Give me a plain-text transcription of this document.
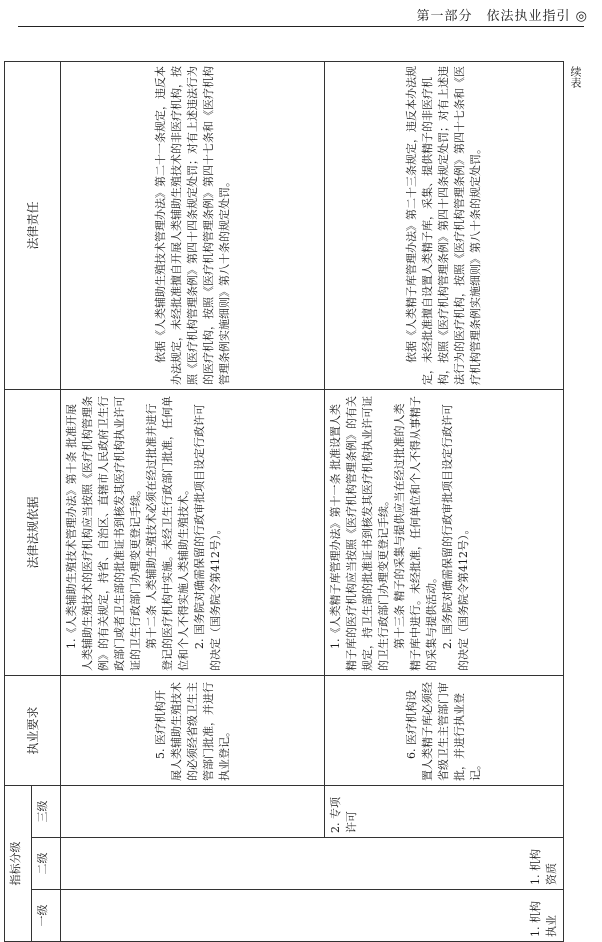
第一部分　依法执业指引 ◎
续表
指标分级			执业要求	法律法规依据	法律责任
一级	二级	三级			
1. 机构执业	1. 机构资质		5. 医疗机构开展人类辅助生殖技术的必须经省级卫生主管部门批准，并进行执业登记。	1.《人类辅助生殖技术管理办法》第十条 批准开展人类辅助生殖技术的医疗机构应当按照《医疗机构管理条例》的有关规定，持省、自治区、直辖市人民政府卫生行政部门或者卫生部的批准证书到核发其医疗机构执业许可证的卫生行政部门办理变更登记手续。 第十二条 人类辅助生殖技术必须在经过批准并进行登记的医疗机构中实施。未经卫生行政部门批准，任何单位和个人不得实施人类辅助生殖技术。 2. 国务院对确需保留的行政审批项目设定行政许可的决定（国务院令第412号）。	依据《人类辅助生殖技术管理办法》第二十一条规定，违反本办法规定，未经批准擅自开展人类辅助生殖技术的非医疗机构，按照《医疗机构管理条例》第四十四条规定处罚；对有上述违法行为的医疗机构，按照《医疗机构管理条例》第四十七条和《医疗机构管理条例实施细则》第八十条的规定处罚。

		2. 专项许可	6. 医疗机构设置人类精子库必须经省级卫生主管部门审批，并进行执业登记。	1.《人类精子库管理办法》第十一条 批准设置人类精子库的医疗机构应当按照《医疗机构管理条例》的有关规定，持卫生部的批准证书到核发其医疗机构执业许可证的卫生行政部门办理变更登记手续。 第十三条 精子的采集与提供应当在经过批准的人类精子库中进行。未经批准，任何单位和个人不得从事精子的采集与提供活动。 2. 国务院对确需保留的行政审批项目设定行政许可的决定（国务院令第412号）。	依据《人类精子库管理办法》第二十三条规定，违反本办法规定，未经批准擅自设置人类精子库，采集、提供精子的非医疗机构，按照《医疗机构管理条例》第四十四条规定处罚；对有上述违法行为的医疗机构，按照《医疗机构管理条例》第四十七条和《医疗机构管理条例实施细则》第八十条的规定处罚。
